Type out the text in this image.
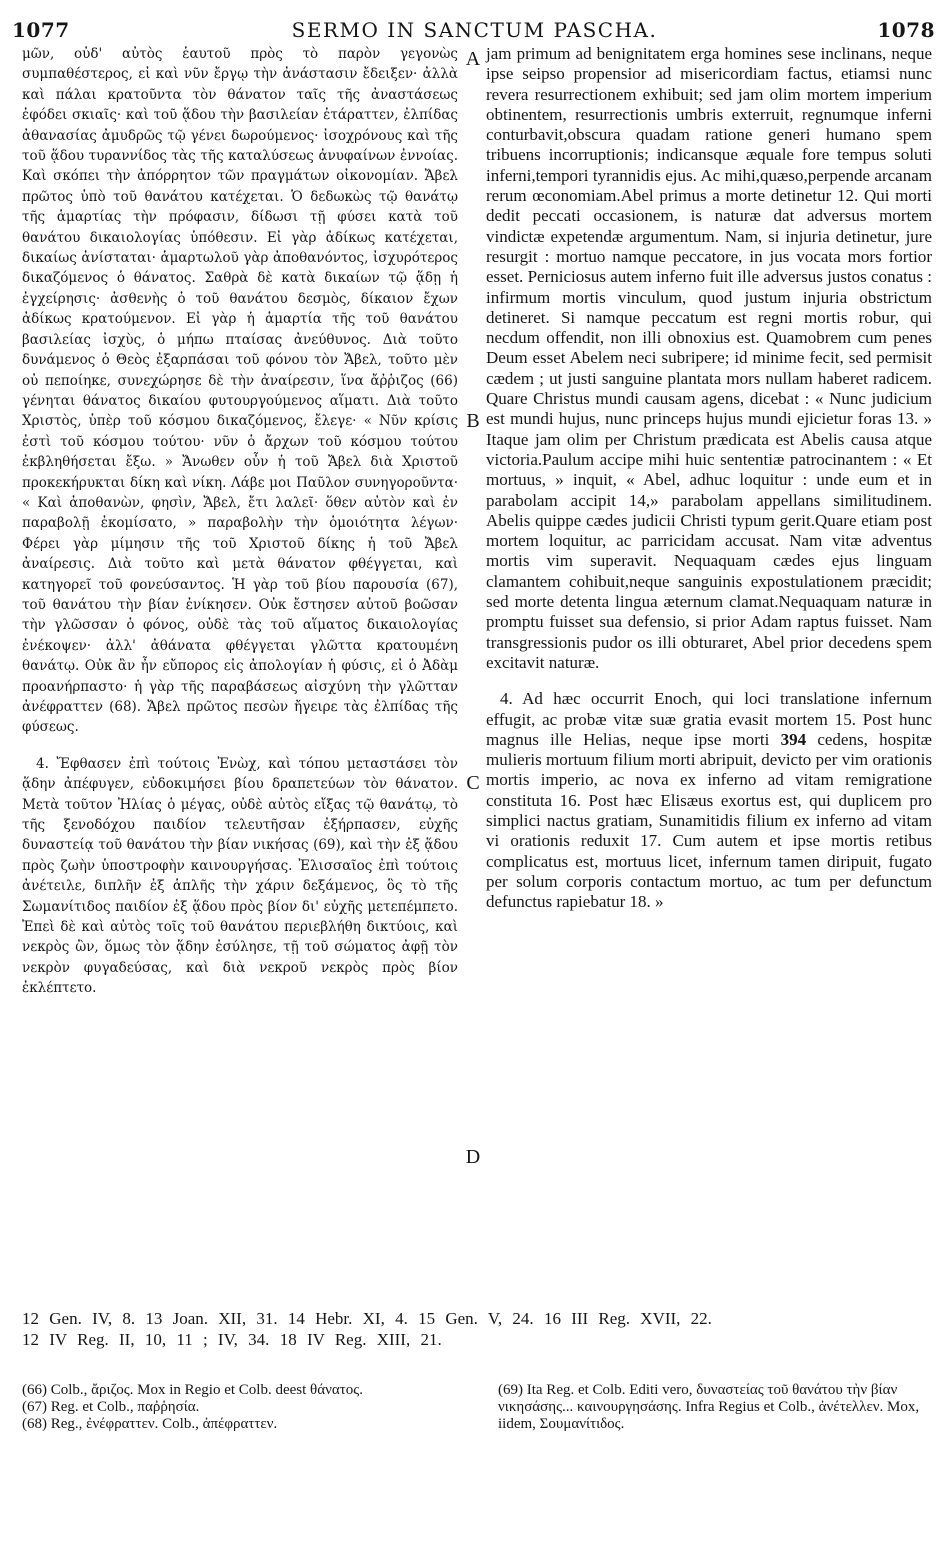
1077	SERMO IN SANCTUM PASCHA.	1078

μῶν, οὐδ' αὐτὸς ἑαυτοῦ πρὸς τὸ παρὸν γεγονὼς συμπαθέστερος, εἰ καὶ νῦν ἔργῳ τὴν ἀνάστασιν ἔδειξεν· ἀλλὰ καὶ πάλαι κρατοῦντα τὸν θάνατον ταῖς τῆς ἀναστάσεως ἐφόδει σκιαῖς· καὶ τοῦ ᾅδου τὴν βασιλείαν ἐτάραττεν, ἐλπίδας ἀθανασίας ἀμυδρῶς τῷ γένει δωρούμενος· ἰσοχρόνους καὶ τῆς τοῦ ᾅδου τυραννίδος τὰς τῆς καταλύσεως ἀνυφαίνων ἐννοίας. Καὶ σκόπει τὴν ἀπόρρητον τῶν πραγμάτων οἰκονομίαν. Ἄβελ πρῶτος ὑπὸ τοῦ θανάτου κατέχεται. Ὁ δεδωκὼς τῷ θανάτῳ τῆς ἁμαρτίας τὴν πρόφασιν, δίδωσι τῇ φύσει κατὰ τοῦ θανάτου δικαιολογίας ὑπόθεσιν. Εἰ γὰρ ἀδίκως κατέχεται, δικαίως ἀνίσταται· ἁμαρτωλοῦ γὰρ ἀποθανόντος, ἰσχυρότερος δικαζόμενος ὁ θάνατος. Σαθρὰ δὲ κατὰ δικαίων τῷ ᾅδῃ ἡ ἐγχείρησις· ἀσθενὴς ὁ τοῦ θανάτου δεσμὸς, δίκαιον ἔχων ἀδίκως κρατούμενον. Εἰ γὰρ ἡ ἁμαρτία τῆς τοῦ θανάτου βασιλείας ἰσχὺς, ὁ μήπω πταίσας ἀνεύθυνος. Διὰ τοῦτο δυνάμενος ὁ Θεὸς ἐξαρπάσαι τοῦ φόνου τὸν Ἄβελ, τοῦτο μὲν οὐ πεποίηκε, συνεχώρησε δὲ τὴν ἀναίρεσιν, ἵνα ἄῤῥιζος (66) γένηται θάνατος δικαίου φυτουργούμενος αἵματι. Διὰ τοῦτο Χριστὸς, ὑπὲρ τοῦ κόσμου δικαζόμενος, ἔλεγε· « Νῦν κρίσις ἐστὶ τοῦ κόσμου τούτου· νῦν ὁ ἄρχων τοῦ κόσμου τούτου ἐκβληθήσεται ἔξω. » Ἄνωθεν οὖν ἡ τοῦ Ἄβελ διὰ Χριστοῦ προκεκήρυκται δίκη καὶ νίκη. Λάβε μοι Παῦλον συνηγοροῦντα· « Καὶ ἀποθανὼν, φησὶν, Ἄβελ, ἔτι λαλεῖ· ὅθεν αὐτὸν καὶ ἐν παραβολῇ ἐκομίσατο, » παραβολὴν τὴν ὁμοιότητα λέγων· Φέρει γὰρ μίμησιν τῆς τοῦ Χριστοῦ δίκης ἡ τοῦ Ἄβελ ἀναίρεσις. Διὰ τοῦτο καὶ μετὰ θάνατον φθέγγεται, καὶ κατηγορεῖ τοῦ φονεύσαντος. Ἡ γὰρ τοῦ βίου παρουσία (67), τοῦ θανάτου τὴν βίαν ἐνίκησεν. Οὐκ ἔστησεν αὐτοῦ βοῶσαν τὴν γλῶσσαν ὁ φόνος, οὐδὲ τὰς τοῦ αἵματος δικαιολογίας ἐνέκοψεν· ἀλλ' ἀθάνατα φθέγγεται γλῶττα κρατουμένη θανάτῳ. Οὐκ ἂν ἦν εὔπορος εἰς ἀπολογίαν ἡ φύσις, εἰ ὁ Ἀδὰμ προανήρπαστο· ἡ γὰρ τῆς παραβάσεως αἰσχύνη τὴν γλῶτταν ἀνέφραττεν (68). Ἄβελ πρῶτος πεσὼν ἤγειρε τὰς ἐλπίδας τῆς φύσεως.

4. Ἔφθασεν ἐπὶ τούτοις Ἐνὼχ, καὶ τόπου μεταστάσει τὸν ᾅδην ἀπέφυγεν, εὐδοκιμήσει βίου δραπετεύων τὸν θάνατον. Μετὰ τοῦτον Ἠλίας ὁ μέγας, οὐδὲ αὐτὸς εἴξας τῷ θανάτῳ, τὸ τῆς ξενοδόχου παιδίον τελευτῆσαν ἐξήρπασεν, εὐχῆς δυναστείᾳ τοῦ θανάτου τὴν βίαν νικήσας (69), καὶ τὴν ἐξ ᾅδου πρὸς ζωὴν ὑποστροφὴν καινουργήσας. Ἐλισσαῖος ἐπὶ τούτοις ἀνέτειλε, διπλῆν ἐξ ἁπλῆς τὴν χάριν δεξάμενος, ὃς τὸ τῆς Σωμανίτιδος παιδίον ἐξ ᾅδου πρὸς βίον δι' εὐχῆς μετεπέμπετο. Ἐπεὶ δὲ καὶ αὐτὸς τοῖς τοῦ θανάτου περιεβλήθη δικτύοις, καὶ νεκρὸς ὢν, ὅμως τὸν ᾅδην ἐσύλησε, τῇ τοῦ σώματος ἀφῇ τὸν νεκρὸν φυγαδεύσας, καὶ διὰ νεκροῦ νεκρὸς πρὸς βίον ἐκλέπτετο.

A
B
C
D

jam primum ad benignitatem erga homines sese inclinans, neque ipse seipso propensior ad misericordiam factus, etiamsi nunc revera resurrectionem exhibuit; sed jam olim mortem imperium obtinentem, resurrectionis umbris exterruit, regnumque inferni conturbavit,obscura quadam ratione generi humano spem tribuens incorruptionis; indicansque æquale fore tempus soluti inferni,tempori tyrannidis ejus. Ac mihi,quæso,perpende arcanam rerum œconomiam.Abel primus a morte detinetur 12. Qui morti dedit peccati occasionem, is naturæ dat adversus mortem vindictæ expetendæ argumentum. Nam, si injuria detinetur, jure resurgit : mortuo namque peccatore, in jus vocata mors fortior esset. Perniciosus autem inferno fuit ille adversus justos conatus : infirmum mortis vinculum, quod justum injuria obstrictum detineret. Si namque peccatum est regni mortis robur, qui necdum offendit, non illi obnoxius est. Quamobrem cum penes Deum esset Abelem neci subripere; id minime fecit, sed permisit cædem ; ut justi sanguine plantata mors nullam haberet radicem. Quare Christus mundi causam agens, dicebat : « Nunc judicium est mundi hujus, nunc princeps hujus mundi ejicietur foras 13. » Itaque jam olim per Christum prædicata est Abelis causa atque victoria.Paulum accipe mihi huic sententiæ patrocinantem : « Et mortuus, » inquit, « Abel, adhuc loquitur : unde eum et in parabolam accipit 14,» parabolam appellans similitudinem. Abelis quippe cædes judicii Christi typum gerit.Quare etiam post mortem loquitur, ac parricidam accusat. Nam vitæ adventus mortis vim superavit. Nequaquam cædes ejus linguam clamantem cohibuit,neque sanguinis expostulationem præcidit; sed morte detenta lingua æternum clamat.Nequaquam naturæ in promptu fuisset sua defensio, si prior Adam raptus fuisset. Nam transgressionis pudor os illi obturaret, Abel prior decedens spem excitavit naturæ.

4. Ad hæc occurrit Enoch, qui loci translatione infernum effugit, ac probæ vitæ suæ gratia evasit mortem 15. Post hunc magnus ille Helias, neque ipse morti 394 cedens, hospitæ mulieris mortuum filium morti abripuit, devicto per vim orationis mortis imperio, ac nova ex inferno ad vitam remigratione constituta 16. Post hæc Elisæus exortus est, qui duplicem pro simplici nactus gratiam, Sunamitidis filium ex inferno ad vitam vi orationis reduxit 17. Cum autem et ipse mortis retibus complicatus est, mortuus licet, infernum tamen diripuit, fugato per solum corporis contactum mortuo, ac tum per defunctum defunctus rapiebatur 18. »

12 Gen. IV, 8. 13 Joan. XII, 31. 14 Hebr. XI, 4. 15 Gen. V, 24. 16 III Reg. XVII, 22. 12 IV Reg. II, 10, 11 ; IV, 34. 18 IV Reg. XIII, 21.
(66) Colb., ἄριζος. Mox in Regio et Colb. deest θάνατος.
(67) Reg. et Colb., παῤῥησία.
(68) Reg., ἐνέφραττεν. Colb., ἀπέφραττεν.
(69) Ita Reg. et Colb. Editi vero, δυναστείας τοῦ θανάτου τὴν βίαν νικησάσης... καινουργησάσης. Infra Regius et Colb., ἀνέτελλεν. Mox, iidem, Σουμανίτιδος.
